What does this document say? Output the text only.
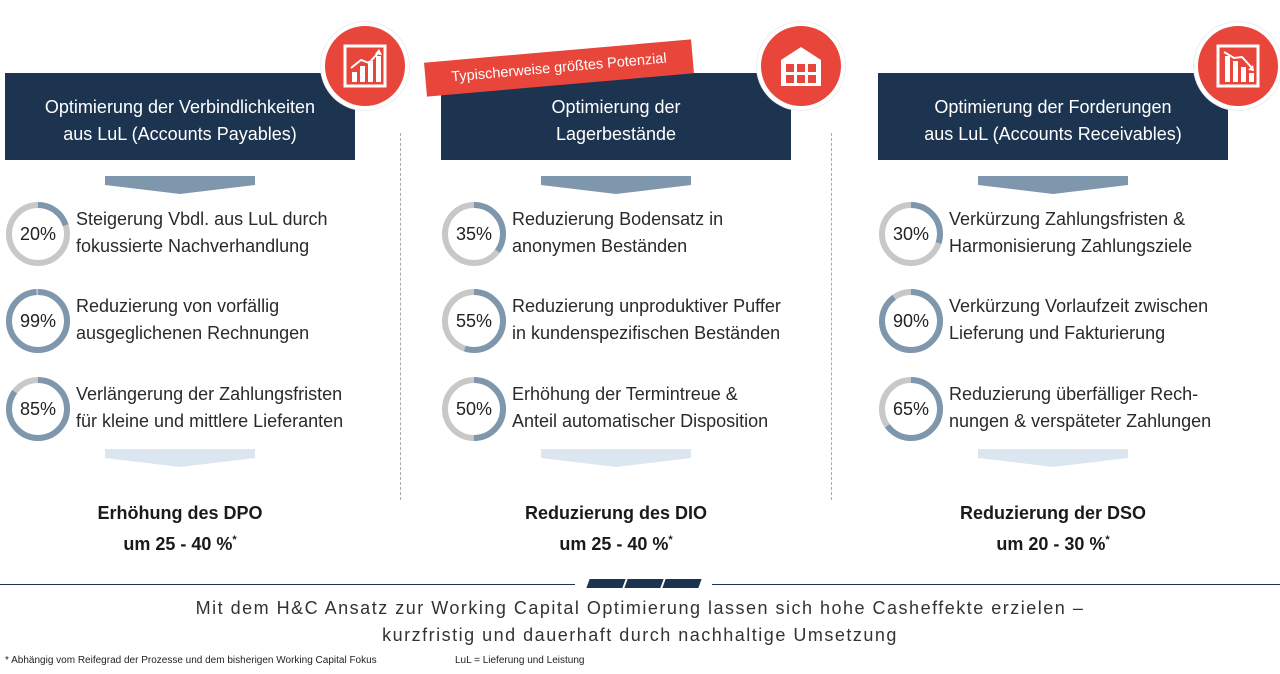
Optimierung der Verbindlichkeiten
aus LuL (Accounts Payables)
20%
Steigerung Vbdl. aus LuL durch
fokussierte Nachverhandlung
99%
Reduzierung von vorfällig
ausgeglichenen Rechnungen
85%
Verlängerung der Zahlungsfristen
für kleine und mittlere Lieferanten
Erhöhung des DPO
um 25 - 40 %*
Optimierung der
Lagerbestände
35%
Reduzierung Bodensatz in
anonymen Beständen
55%
Reduzierung unproduktiver Puffer
in kundenspezifischen Beständen
50%
Erhöhung der Termintreue &
Anteil automatischer Disposition
Reduzierung des DIO
um 25 - 40 %*
Typischerweise größtes Potenzial
Optimierung der Forderungen
aus LuL (Accounts Receivables)
30%
Verkürzung Zahlungsfristen &
Harmonisierung Zahlungsziele
90%
Verkürzung Vorlaufzeit zwischen
Lieferung und Fakturierung
65%
Reduzierung überfälliger Rech-
nungen & verspäteter Zahlungen
Reduzierung der DSO
um 20 - 30 %*
Mit dem H&C Ansatz zur Working Capital Optimierung lassen sich hohe Casheffekte erzielen –
kurzfristig und dauerhaft durch nachhaltige Umsetzung
* Abhängig vom Reifegrad der Prozesse und dem bisherigen Working Capital Fokus	LuL = Lieferung und Leistung
